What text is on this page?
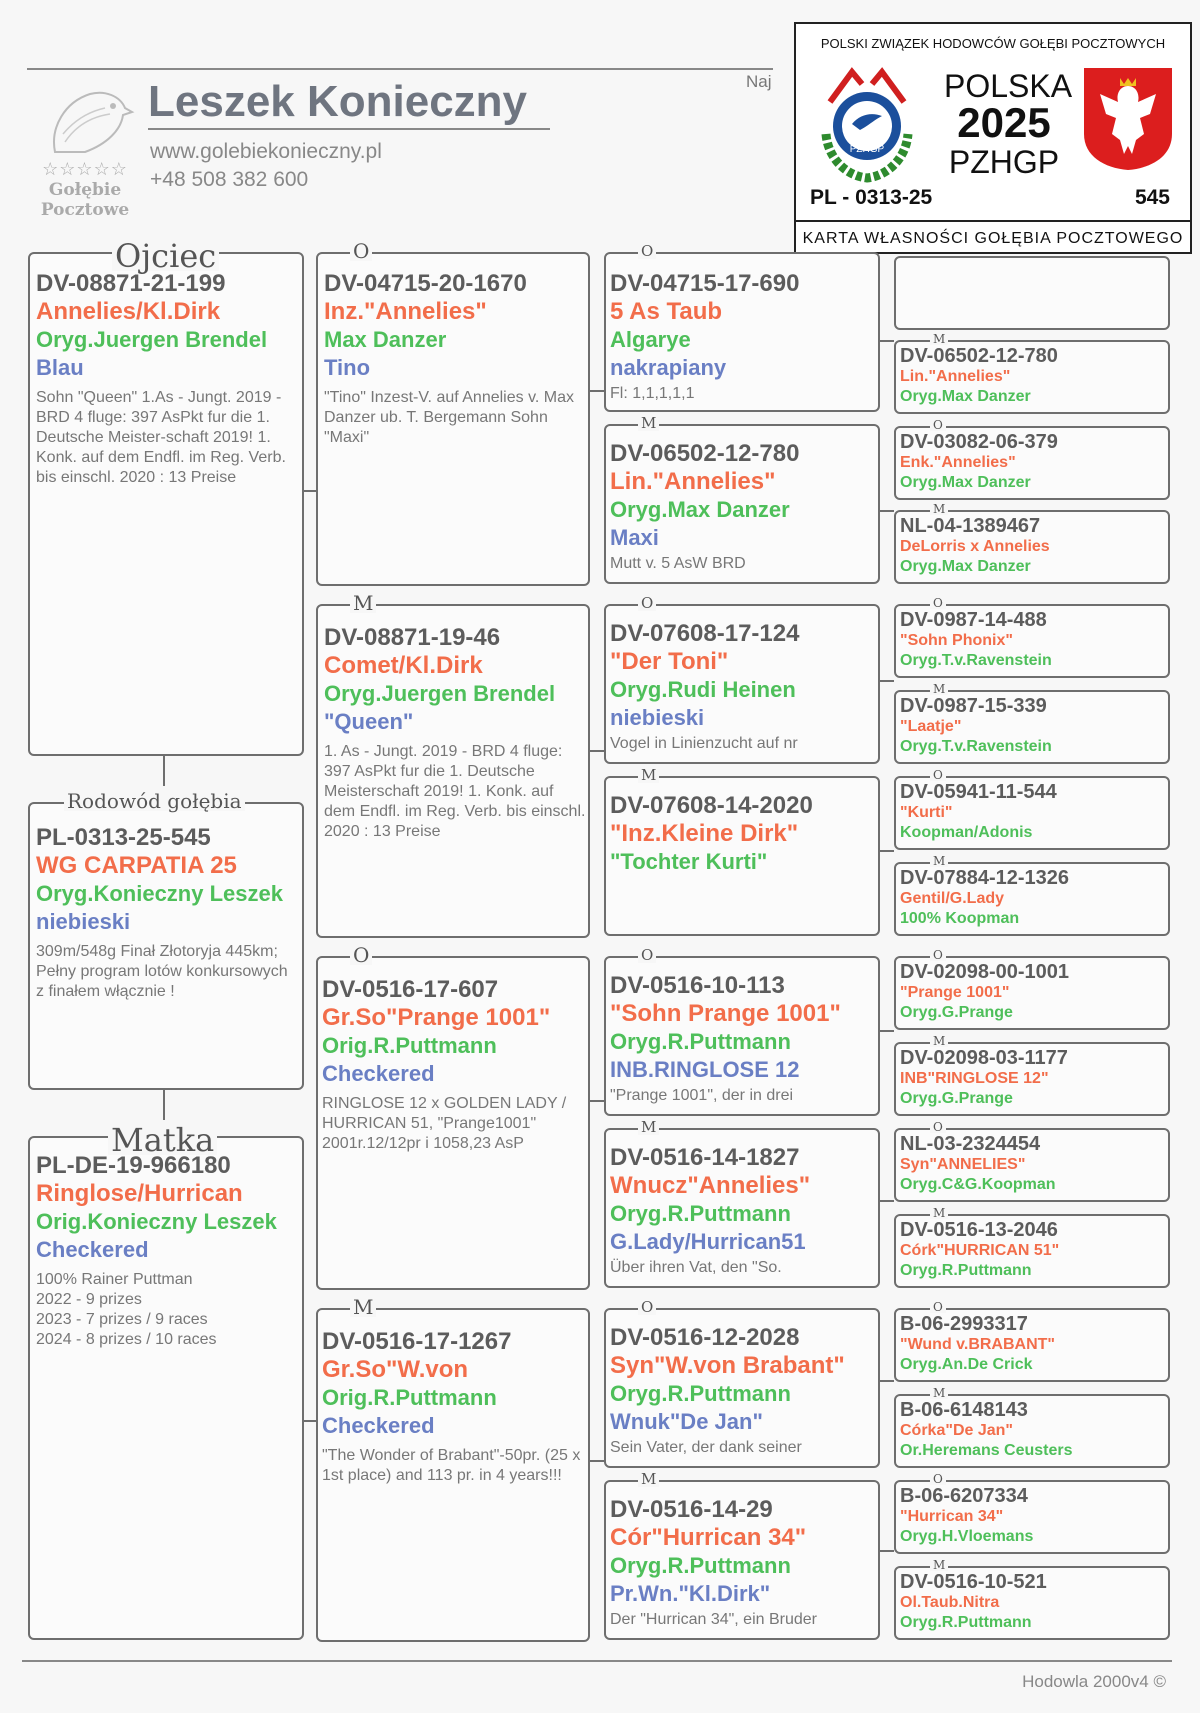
☆☆☆☆☆
Gołębie Pocztowe
Leszek Konieczny
www.golebiekonieczny.pl
+48 508 382 600
Naj
POLSKI ZWIĄZEK HODOWCÓW GOŁĘBI POCZTOWYCH
PZHGP
POLSKA
2025
PZHGP
PL - 0313-25	545
KARTA WŁASNOŚCI GOŁĘBIA POCZTOWEGO
Ojciec
DV-08871-21-199
Annelies/Kl.Dirk
Oryg.Juergen Brendel
Blau
Sohn "Queen" 1.As - Jungt. 2019 - BRD 4 fluge: 397 AsPkt fur die 1. Deutsche Meister-schaft 2019! 1. Konk. auf dem Endfl. im Reg. Verb. bis einschl. 2020 : 13 Preise
Rodowód gołębia
PL-0313-25-545
WG CARPATIA 25
Oryg.Konieczny Leszek
niebieski
309m/548g Finał Złotoryja 445km; Pełny program lotów konkursowych z finałem włącznie !
Matka
PL-DE-19-966180
Ringlose/Hurrican
Orig.Konieczny Leszek
Checkered
100% Rainer Puttman
2022 - 9 prizes
2023 - 7 prizes / 9 races
2024 - 8 prizes / 10 races
O
DV-04715-20-1670
Inz."Annelies"
Max Danzer
Tino
"Tino" Inzest-V. auf Annelies v. Max Danzer ub. T. Bergemann Sohn "Maxi"
M
DV-08871-19-46
Comet/Kl.Dirk
Oryg.Juergen Brendel
"Queen"
1. As - Jungt. 2019 - BRD 4 fluge: 397 AsPkt fur die 1. Deutsche Meisterschaft 2019! 1. Konk. auf dem Endfl. im Reg. Verb. bis einschl. 2020 : 13 Preise
O
DV-0516-17-607
Gr.So"Prange 1001"
Orig.R.Puttmann
Checkered
RINGLOSE 12 x GOLDEN LADY / HURRICAN 51, "Prange1001" 2001r.12/12pr i 1058,23 AsP
M
DV-0516-17-1267
Gr.So"W.von
Orig.R.Puttmann
Checkered
"The Wonder of Brabant"-50pr. (25 x 1st place) and 113 pr. in 4 years!!!
O
DV-04715-17-690
5 As Taub
Algarye
nakrapiany
Fl: 1,1,1,1,1
M
DV-06502-12-780
Lin."Annelies"
Oryg.Max Danzer
Maxi
Mutt v. 5 AsW BRD
O
DV-07608-17-124
"Der Toni"
Oryg.Rudi Heinen
niebieski
Vogel in Linienzucht auf nr
M
DV-07608-14-2020
"Inz.Kleine Dirk"
"Tochter Kurti"
O
DV-0516-10-113
"Sohn Prange 1001"
Oryg.R.Puttmann
INB.RINGLOSE 12
"Prange 1001", der in drei
M
DV-0516-14-1827
Wnucz"Annelies"
Oryg.R.Puttmann
G.Lady/Hurrican51
Über ihren Vat, den "So.
O
DV-0516-12-2028
Syn"W.von Brabant"
Oryg.R.Puttmann
Wnuk"De Jan"
Sein Vater, der dank seiner
M
DV-0516-14-29
Cór"Hurrican 34"
Oryg.R.Puttmann
Pr.Wn."Kl.Dirk"
Der "Hurrican 34", ein Bruder
M
DV-06502-12-780
Lin."Annelies"
Oryg.Max Danzer
O
DV-03082-06-379
Enk."Annelies"
Oryg.Max Danzer
M
NL-04-1389467
DeLorris x Annelies
Oryg.Max Danzer
O
DV-0987-14-488
"Sohn Phonix"
Oryg.T.v.Ravenstein
M
DV-0987-15-339
"Laatje"
Oryg.T.v.Ravenstein
O
DV-05941-11-544
"Kurti"
Koopman/Adonis
M
DV-07884-12-1326
Gentil/G.Lady
100% Koopman
O
DV-02098-00-1001
"Prange 1001"
Oryg.G.Prange
M
DV-02098-03-1177
INB"RINGLOSE 12"
Oryg.G.Prange
O
NL-03-2324454
Syn"ANNELIES"
Oryg.C&G.Koopman
M
DV-0516-13-2046
Córk"HURRICAN 51"
Oryg.R.Puttmann
O
B-06-2993317
"Wund v.BRABANT"
Oryg.An.De Crick
M
B-06-6148143
Córka"De Jan"
Or.Heremans Ceusters
O
B-06-6207334
"Hurrican 34"
Oryg.H.Vloemans
M
DV-0516-10-521
Ol.Taub.Nitra
Oryg.R.Puttmann
Hodowla 2000v4 ©
